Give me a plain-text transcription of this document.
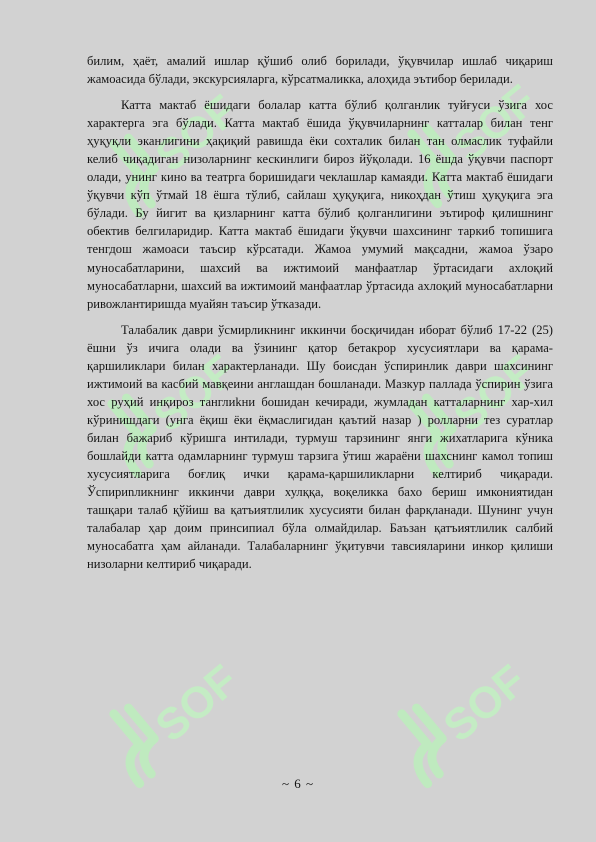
SOF	SOF
SOF	SOF
SOF	SOF

билим, ҳаёт, амалий ишлар қўшиб олиб борилади, ўқувчилар ишлаб чиқариш жамоасида бўлади, экскурсияларга, кўрсатмаликка, алоҳида эътибор берилади.

Катта мактаб ёшидаги болалар катта бўлиб қолганлик туйғуси ўзига хос характерга эга бўлади. Катта мактаб ёшида ўқувчиларнинг катталар билан тенг ҳуқуқли эканлигини ҳақиқий равишда ёки сохталик билан тан олмаслик туфайли келиб чиқадиган низоларнинг кескинлиги бироз йўқолади. 16 ёшда ўқувчи паспорт олади, унинг кино ва театрга боришидаги чеклашлар камаяди. Катта мактаб ёшидаги ўқувчи кўп ўтмай 18 ёшга тўлиб, сайлаш ҳуқуқига, никоҳдан ўтиш ҳуқуқига эга бўлади. Бу йигит ва қизларнинг катта бўлиб қолганлигини эътироф қилишнинг обектив белгиларидир. Катта мактаб ёшидаги ўқувчи шахсининг таркиб топишига тенгдош жамоаси таъсир кўрсатади. Жамоа умумий мақсадни, жамоа ўзаро муносабатларини, шахсий ва ижтимоий манфаатлар ўртасидаги ахлоқий муносабатларни, шахсий ва ижтимоий манфаатлар ўртасида ахлоқий муносабатларни ривожлантиришда муайян таъсир ўтказади.

Талабалик даври ўсмирликнинг иккинчи босқичидан иборат бўлиб 17-22 (25) ёшни ўз ичига олади ва ўзининг қатор бетакрор хусусиятлари ва қарама-қаршиликлари билан характерланади. Шу боисдан ўспиринлик даври шахсининг ижтимоий ва касбий мавқеини англашдан бошланади. Мазкур паллада ўспирин ўзига хос руҳий инқироз танглиkни бошидан кечиради, жумладан катталарнинг хар-хил кўринишдаги (унга ёқиш ёки ёқмаслигидан қаътий назар ) ролларни тез суратлар билан бажариб кўришга интилади, турмуш тарзининг янги жихатларига кўника бошлайди катта одамларнинг турмуш тарзига ўтиш жараёни шахснинг камол топиш хусусиятларига боғлиқ ички қарама-қаршиликларни келтириб чиқаради. Ўспириnликнинг иккинчи даври хулққа, воқеликка бахо бериш имкониятидан ташқари талаб қўйиш ва қатъиятлилик хусусияти билан фарқланади. Шунинг учун талабалар ҳар доим принсипиал бўла олмайдилар. Баъзан қатъиятлилик салбий муносабатга ҳам айланади. Талабаларнинг ўқитувчи тавсияларини инкор қилиши низоларни келтириб чиқаради.

~ 6 ~
